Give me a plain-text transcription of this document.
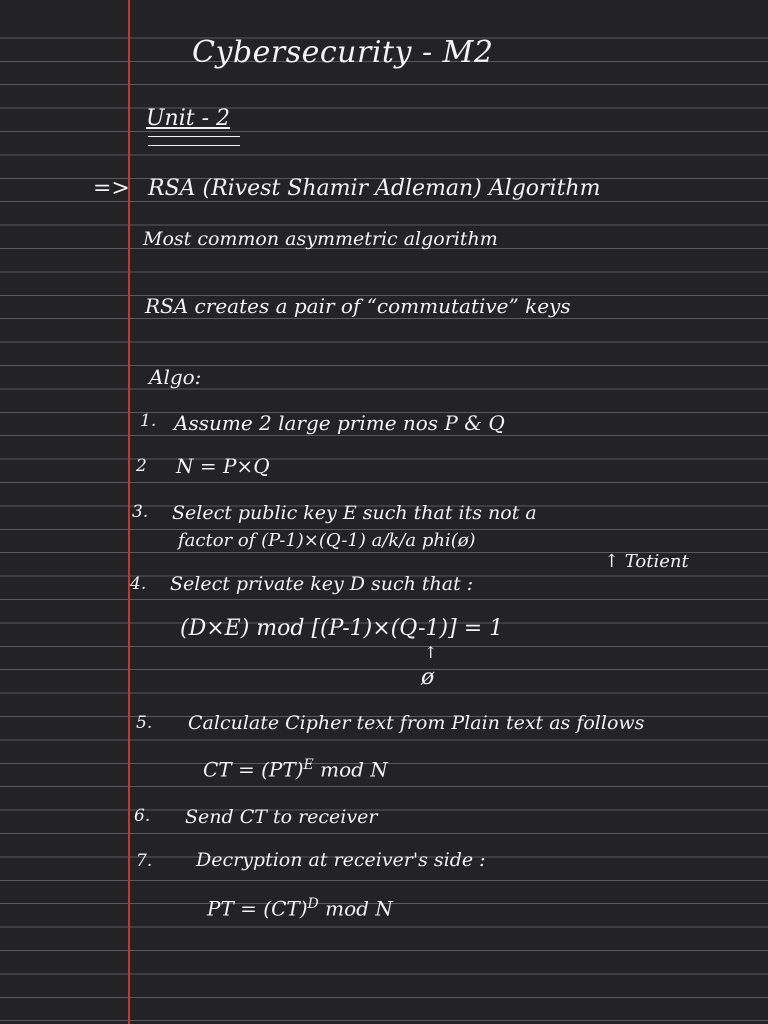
Cybersecurity - M2
Unit - 2
=> RSA (Rivest Shamir Adleman) Algorithm
Most common asymmetric algorithm
RSA creates a pair of “commutative” keys
Algo:
1. Assume 2 large prime nos P & Q
2 N = P×Q
3. Select public key E such that its not a
factor of (P-1)×(Q-1) a/k/a phi(ø)
↑ Totient
4. Select private key D such that :
(D×E) mod [(P-1)×(Q-1)] = 1
↑
ø
5. Calculate Cipher text from Plain text as follows
CT = (PT)$^E$ mod N
6. Send CT to receiver
7. Decryption at receiver's side :
PT = (CT)$^D$ mod N
